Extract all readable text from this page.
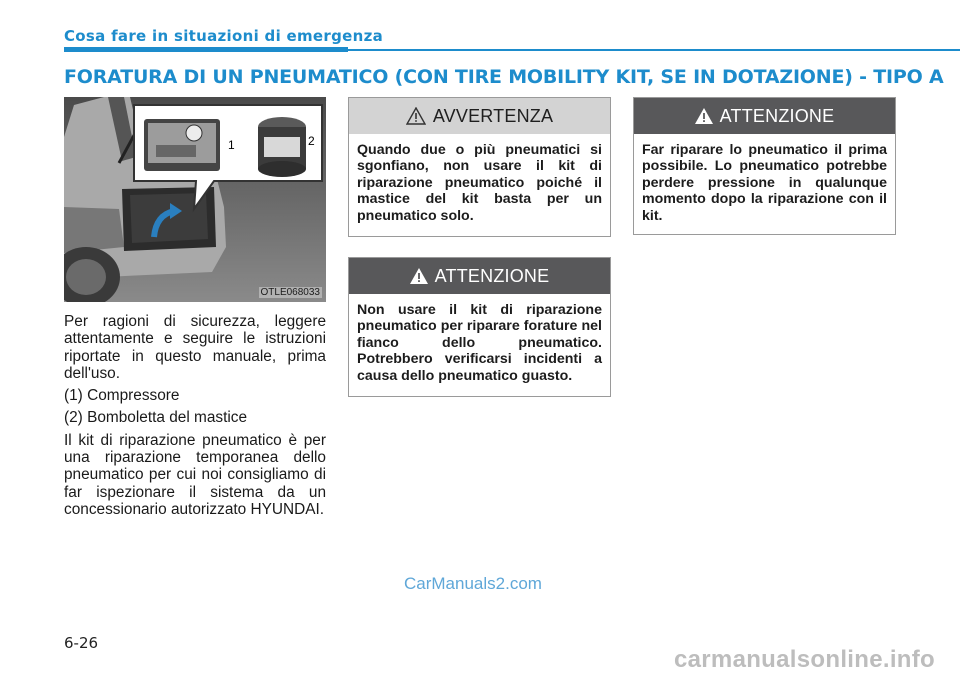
Cosa fare in situazioni di emergenza
FORATURA DI UN PNEUMATICO (CON TIRE MOBILITY KIT, SE IN DOTAZIONE) - TIPO A
1	2
OTLE068033

Per ragioni di sicurezza, leggere attentamente e seguire le istruzioni riportate in questo manuale, prima dell'uso.

(1) Compressore

(2) Bomboletta del mastice

Il kit di riparazione pneumatico è per una riparazione temporanea dello pneumatico per cui noi consigliamo di far ispezionare il sistema da un concessionario autorizzato HYUNDAI.

AVVERTENZA
Quando due o più pneumatici si sgonfiano, non usare il kit di riparazione pneumatico poiché il mastice del kit basta per un pneumatico solo.
ATTENZIONE
Non usare il kit di riparazione pneumatico per riparare forature nel fianco dello pneumatico. Potrebbero verificarsi incidenti a causa dello pneumatico guasto.
ATTENZIONE
Far riparare lo pneumatico il prima possibile. Lo pneumatico potrebbe perdere pressione in qualunque momento dopo la riparazione con il kit.

6-26

CarManuals2.com
carmanualsonline.info
